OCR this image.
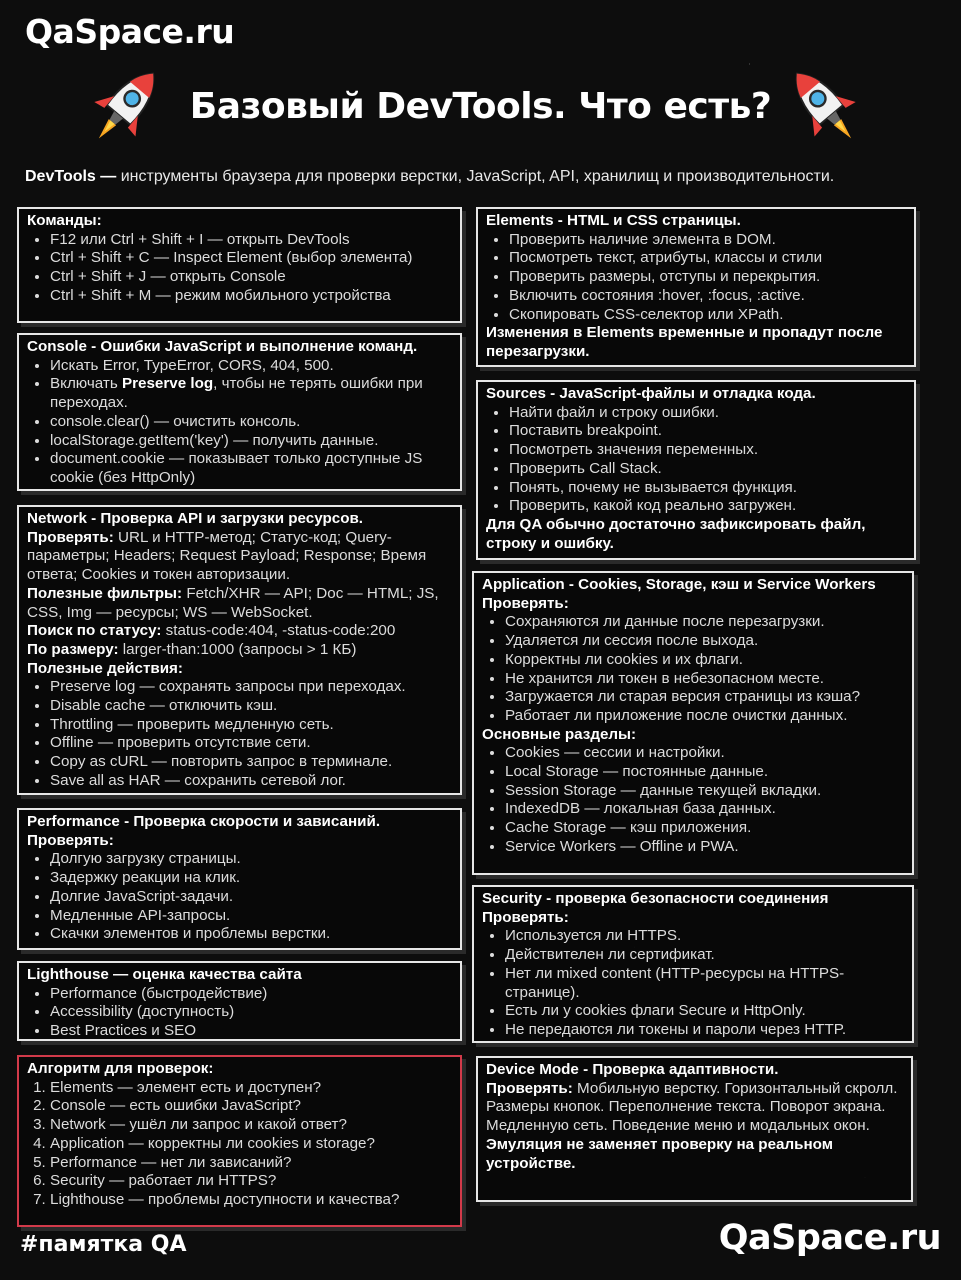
QaSpace.ru
Базовый DevTools. Что есть?
DevTools — инструменты браузера для проверки верстки, JavaScript, API, хранилищ и производительности.
Команды:
• F12 или Ctrl + Shift + I — открыть DevTools
• Ctrl + Shift + C — Inspect Element (выбор элемента)
• Ctrl + Shift + J — открыть Console
• Ctrl + Shift + M — режим мобильного устройства
Console - Ошибки JavaScript и выполнение команд.
• Искать Error, TypeError, CORS, 404, 500.
• Включать Preserve log, чтобы не терять ошибки при переходах.
• console.clear() — очистить консоль.
• localStorage.getItem('key') — получить данные.
• document.cookie — показывает только доступные JS cookie (без HttpOnly)
Network - Проверка API и загрузки ресурсов.

Проверять: URL и HTTP-метод; Статус-код; Query-параметры; Headers; Request Payload; Response; Время ответа; Cookies и токен авторизации.

Полезные фильтры: Fetch/XHR — API; Doc — HTML; JS, CSS, Img — ресурсы; WS — WebSocket.

Поиск по статусу: status-code:404, -status-code:200

По размеру: larger-than:1000 (запросы > 1 КБ)

Полезные действия:
• Preserve log — сохранять запросы при переходах.
• Disable cache — отключить кэш.
• Throttling — проверить медленную сеть.
• Offline — проверить отсутствие сети.
• Copy as cURL — повторить запрос в терминале.
• Save all as HAR — сохранить сетевой лог.
Performance - Проверка скорости и зависаний.
Проверять:
• Долгую загрузку страницы.
• Задержку реакции на клик.
• Долгие JavaScript-задачи.
• Медленные API-запросы.
• Скачки элементов и проблемы верстки.
Lighthouse — оценка качества сайта
• Performance (быстродействие)
• Accessibility (доступность)
• Best Practices и SEO
Алгоритм для проверок:
1. Elements — элемент есть и доступен?
2. Console — есть ошибки JavaScript?
3. Network — ушёл ли запрос и какой ответ?
4. Application — корректны ли cookies и storage?
5. Performance — нет ли зависаний?
6. Security — работает ли HTTPS?
7. Lighthouse — проблемы доступности и качества?
#памятка QA
Elements - HTML и CSS страницы.
• Проверить наличие элемента в DOM.
• Посмотреть текст, атрибуты, классы и стили
• Проверить размеры, отступы и перекрытия.
• Включить состояния :hover, :focus, :active.
• Скопировать CSS-селектор или XPath.
Изменения в Elements временные и пропадут после перезагрузки.
Sources - JavaScript-файлы и отладка кода.
• Найти файл и строку ошибки.
• Поставить breakpoint.
• Посмотреть значения переменных.
• Проверить Call Stack.
• Понять, почему не вызывается функция.
• Проверить, какой код реально загружен.
Для QA обычно достаточно зафиксировать файл, строку и ошибку.
Application - Cookies, Storage, кэш и Service Workers
Проверять:
• Сохраняются ли данные после перезагрузки.
• Удаляется ли сессия после выхода.
• Корректны ли cookies и их флаги.
• Не хранится ли токен в небезопасном месте.
• Загружается ли старая версия страницы из кэша?
• Работает ли приложение после очистки данных.
Основные разделы:
• Cookies — сессии и настройки.
• Local Storage — постоянные данные.
• Session Storage — данные текущей вкладки.
• IndexedDB — локальная база данных.
• Cache Storage — кэш приложения.
• Service Workers — Offline и PWA.
Security - проверка безопасности соединения
Проверять:
• Используется ли HTTPS.
• Действителен ли сертификат.
• Нет ли mixed content (HTTP-ресурсы на HTTPS-странице).
• Есть ли у cookies флаги Secure и HttpOnly.
• Не передаются ли токены и пароли через HTTP.
Device Mode - Проверка адаптивности.

Проверять: Мобильную верстку. Горизонтальный скролл. Размеры кнопок. Переполнение текста. Поворот экрана. Медленную сеть. Поведение меню и модальных окон.

Эмуляция не заменяет проверку на реальном устройстве.
QaSpace.ru
